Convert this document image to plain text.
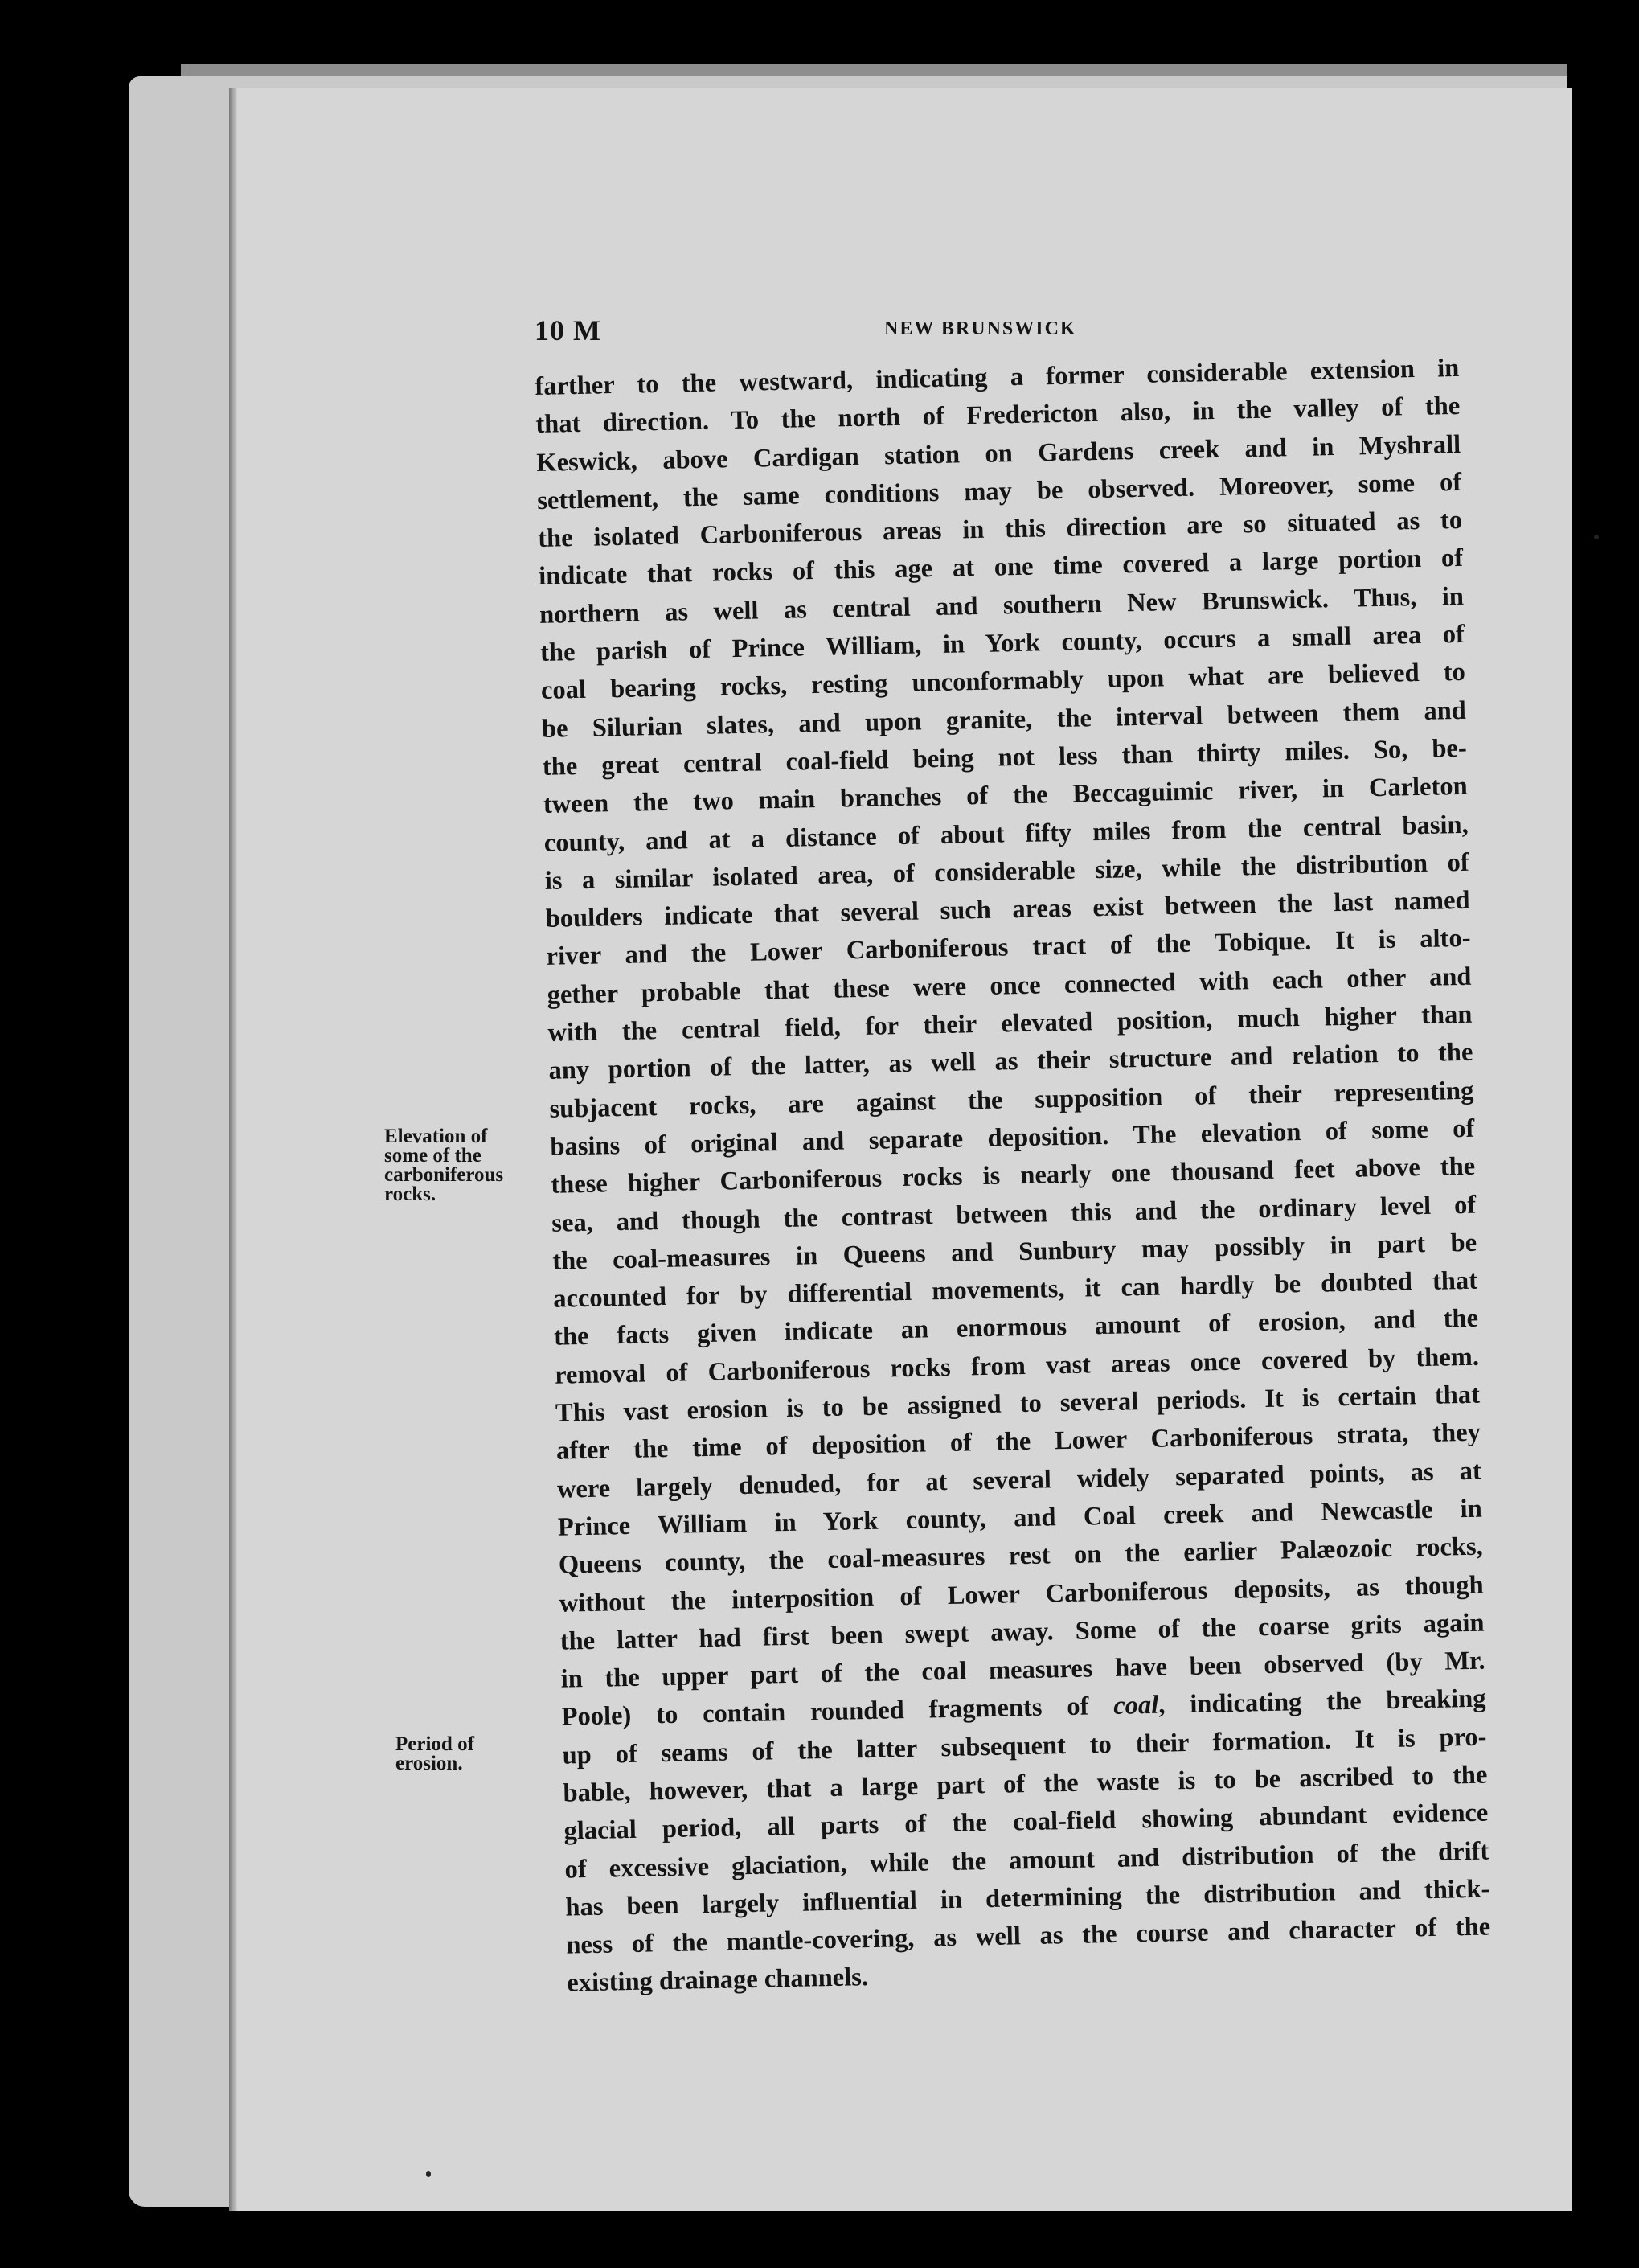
10 M	NEW BRUNSWICK
Elevation of
some of the
carboniferous
rocks.
Period of
erosion.
farther to the westward, indicating a former considerable extension in
that direction. To the north of Fredericton also, in the valley of the
Keswick, above Cardigan station on Gardens creek and in Myshrall
settlement, the same conditions may be observed. Moreover, some of
the isolated Carboniferous areas in this direction are so situated as to
indicate that rocks of this age at one time covered a large portion of
northern as well as central and southern New Brunswick. Thus, in
the parish of Prince William, in York county, occurs a small area of
coal bearing rocks, resting unconformably upon what are believed to
be Silurian slates, and upon granite, the interval between them and
the great central coal-field being not less than thirty miles. So, be-
tween the two main branches of the Beccaguimic river, in Carleton
county, and at a distance of about fifty miles from the central basin,
is a similar isolated area, of considerable size, while the distribution of
boulders indicate that several such areas exist between the last named
river and the Lower Carboniferous tract of the Tobique. It is alto-
gether probable that these were once connected with each other and
with the central field, for their elevated position, much higher than
any portion of the latter, as well as their structure and relation to the
subjacent rocks, are against the supposition of their representing
basins of original and separate deposition. The elevation of some of
these higher Carboniferous rocks is nearly one thousand feet above the
sea, and though the contrast between this and the ordinary level of
the coal-measures in Queens and Sunbury may possibly in part be
accounted for by differential movements, it can hardly be doubted that
the facts given indicate an enormous amount of erosion, and the
removal of Carboniferous rocks from vast areas once covered by them.
This vast erosion is to be assigned to several periods. It is certain that
after the time of deposition of the Lower Carboniferous strata, they
were largely denuded, for at several widely separated points, as at
Prince William in York county, and Coal creek and Newcastle in
Queens county, the coal-measures rest on the earlier Palæozoic rocks,
without the interposition of Lower Carboniferous deposits, as though
the latter had first been swept away. Some of the coarse grits again
in the upper part of the coal measures have been observed (by Mr.
Poole) to contain rounded fragments of coal, indicating the breaking
up of seams of the latter subsequent to their formation. It is pro-
bable, however, that a large part of the waste is to be ascribed to the
glacial period, all parts of the coal-field showing abundant evidence
of excessive glaciation, while the amount and distribution of the drift
has been largely influential in determining the distribution and thick-
ness of the mantle-covering, as well as the course and character of the
existing drainage channels.
